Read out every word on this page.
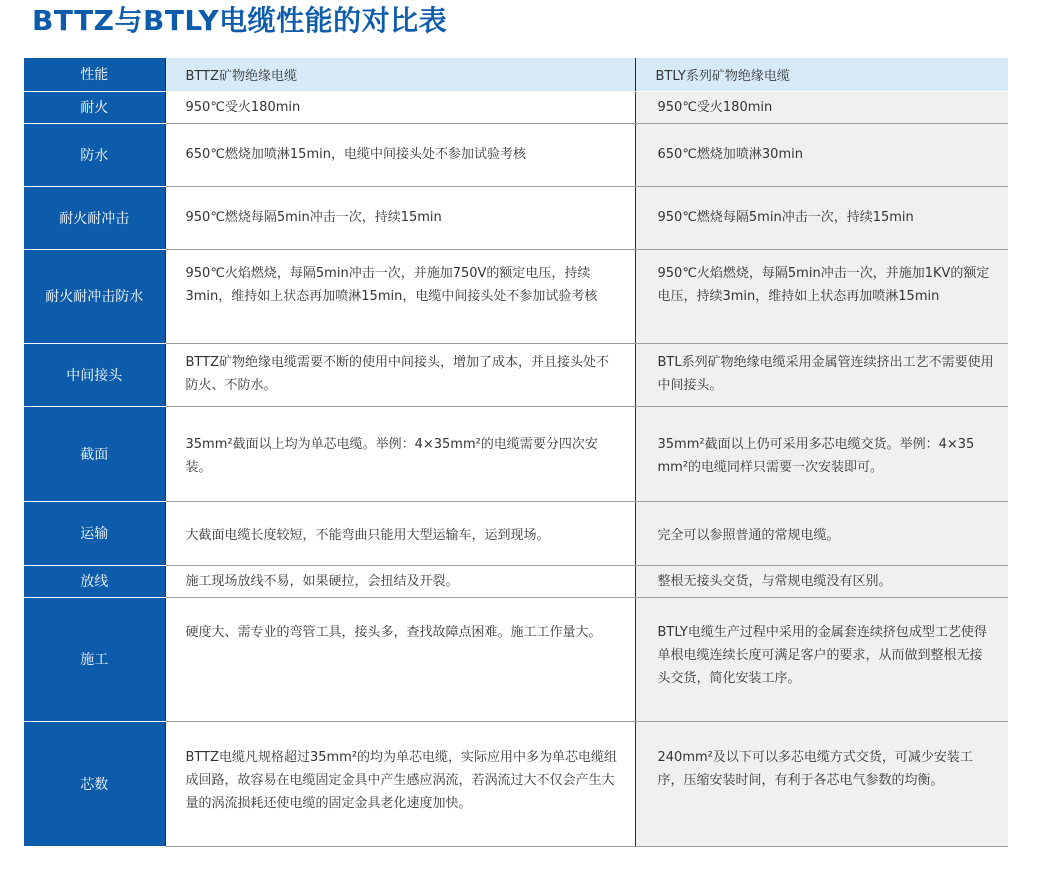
BTTZ与BTLY电缆性能的对比表
性能	BTTZ矿物绝缘电缆	BTLY系列矿物绝缘电缆
耐火	950℃受火180min	950℃受火180min
防水	650℃燃烧加喷淋15min，电缆中间接头处不参加试验考核	650℃燃烧加喷淋30min
耐火耐冲击	950℃燃烧每隔5min冲击一次，持续15min	950℃燃烧每隔5min冲击一次，持续15min
耐火耐冲击防水	950℃火焰燃烧，每隔5min冲击一次，并施加750V的额定电压，持续3min，维持如上状态再加喷淋15min，电缆中间接头处不参加试验考核	950℃火焰燃烧，每隔5min冲击一次，并施加1KV的额定电压，持续3min，维持如上状态再加喷淋15min
中间接头	BTTZ矿物绝缘电缆需要不断的使用中间接头，增加了成本，并且接头处不防火、不防水。	BTL系列矿物绝缘电缆采用金属管连续挤出工艺不需要使用中间接头。
截面	35mm²截面以上均为单芯电缆。举例：4×35mm²的电缆需要分四次安装。	35mm²截面以上仍可采用多芯电缆交货。举例：4×35 mm²的电缆同样只需要一次安装即可。
运输	大截面电缆长度较短，不能弯曲只能用大型运输车，运到现场。	完全可以参照普通的常规电缆。
放线	施工现场放线不易，如果硬拉，会扭结及开裂。	整根无接头交货，与常规电缆没有区别。
施工	硬度大、需专业的弯管工具，接头多，查找故障点困难。施工工作量大。	BTLY电缆生产过程中采用的金属套连续挤包成型工艺使得单根电缆连续长度可满足客户的要求，从而做到整根无接头交货，简化安装工序。
芯数	BTTZ电缆凡规格超过35mm²的均为单芯电缆，实际应用中多为单芯电缆组成回路，故容易在电缆固定金具中产生感应涡流，若涡流过大不仅会产生大量的涡流损耗还使电缆的固定金具老化速度加快。	240mm²及以下可以多芯电缆方式交货，可减少安装工序，压缩安装时间，有利于各芯电气参数的均衡。
